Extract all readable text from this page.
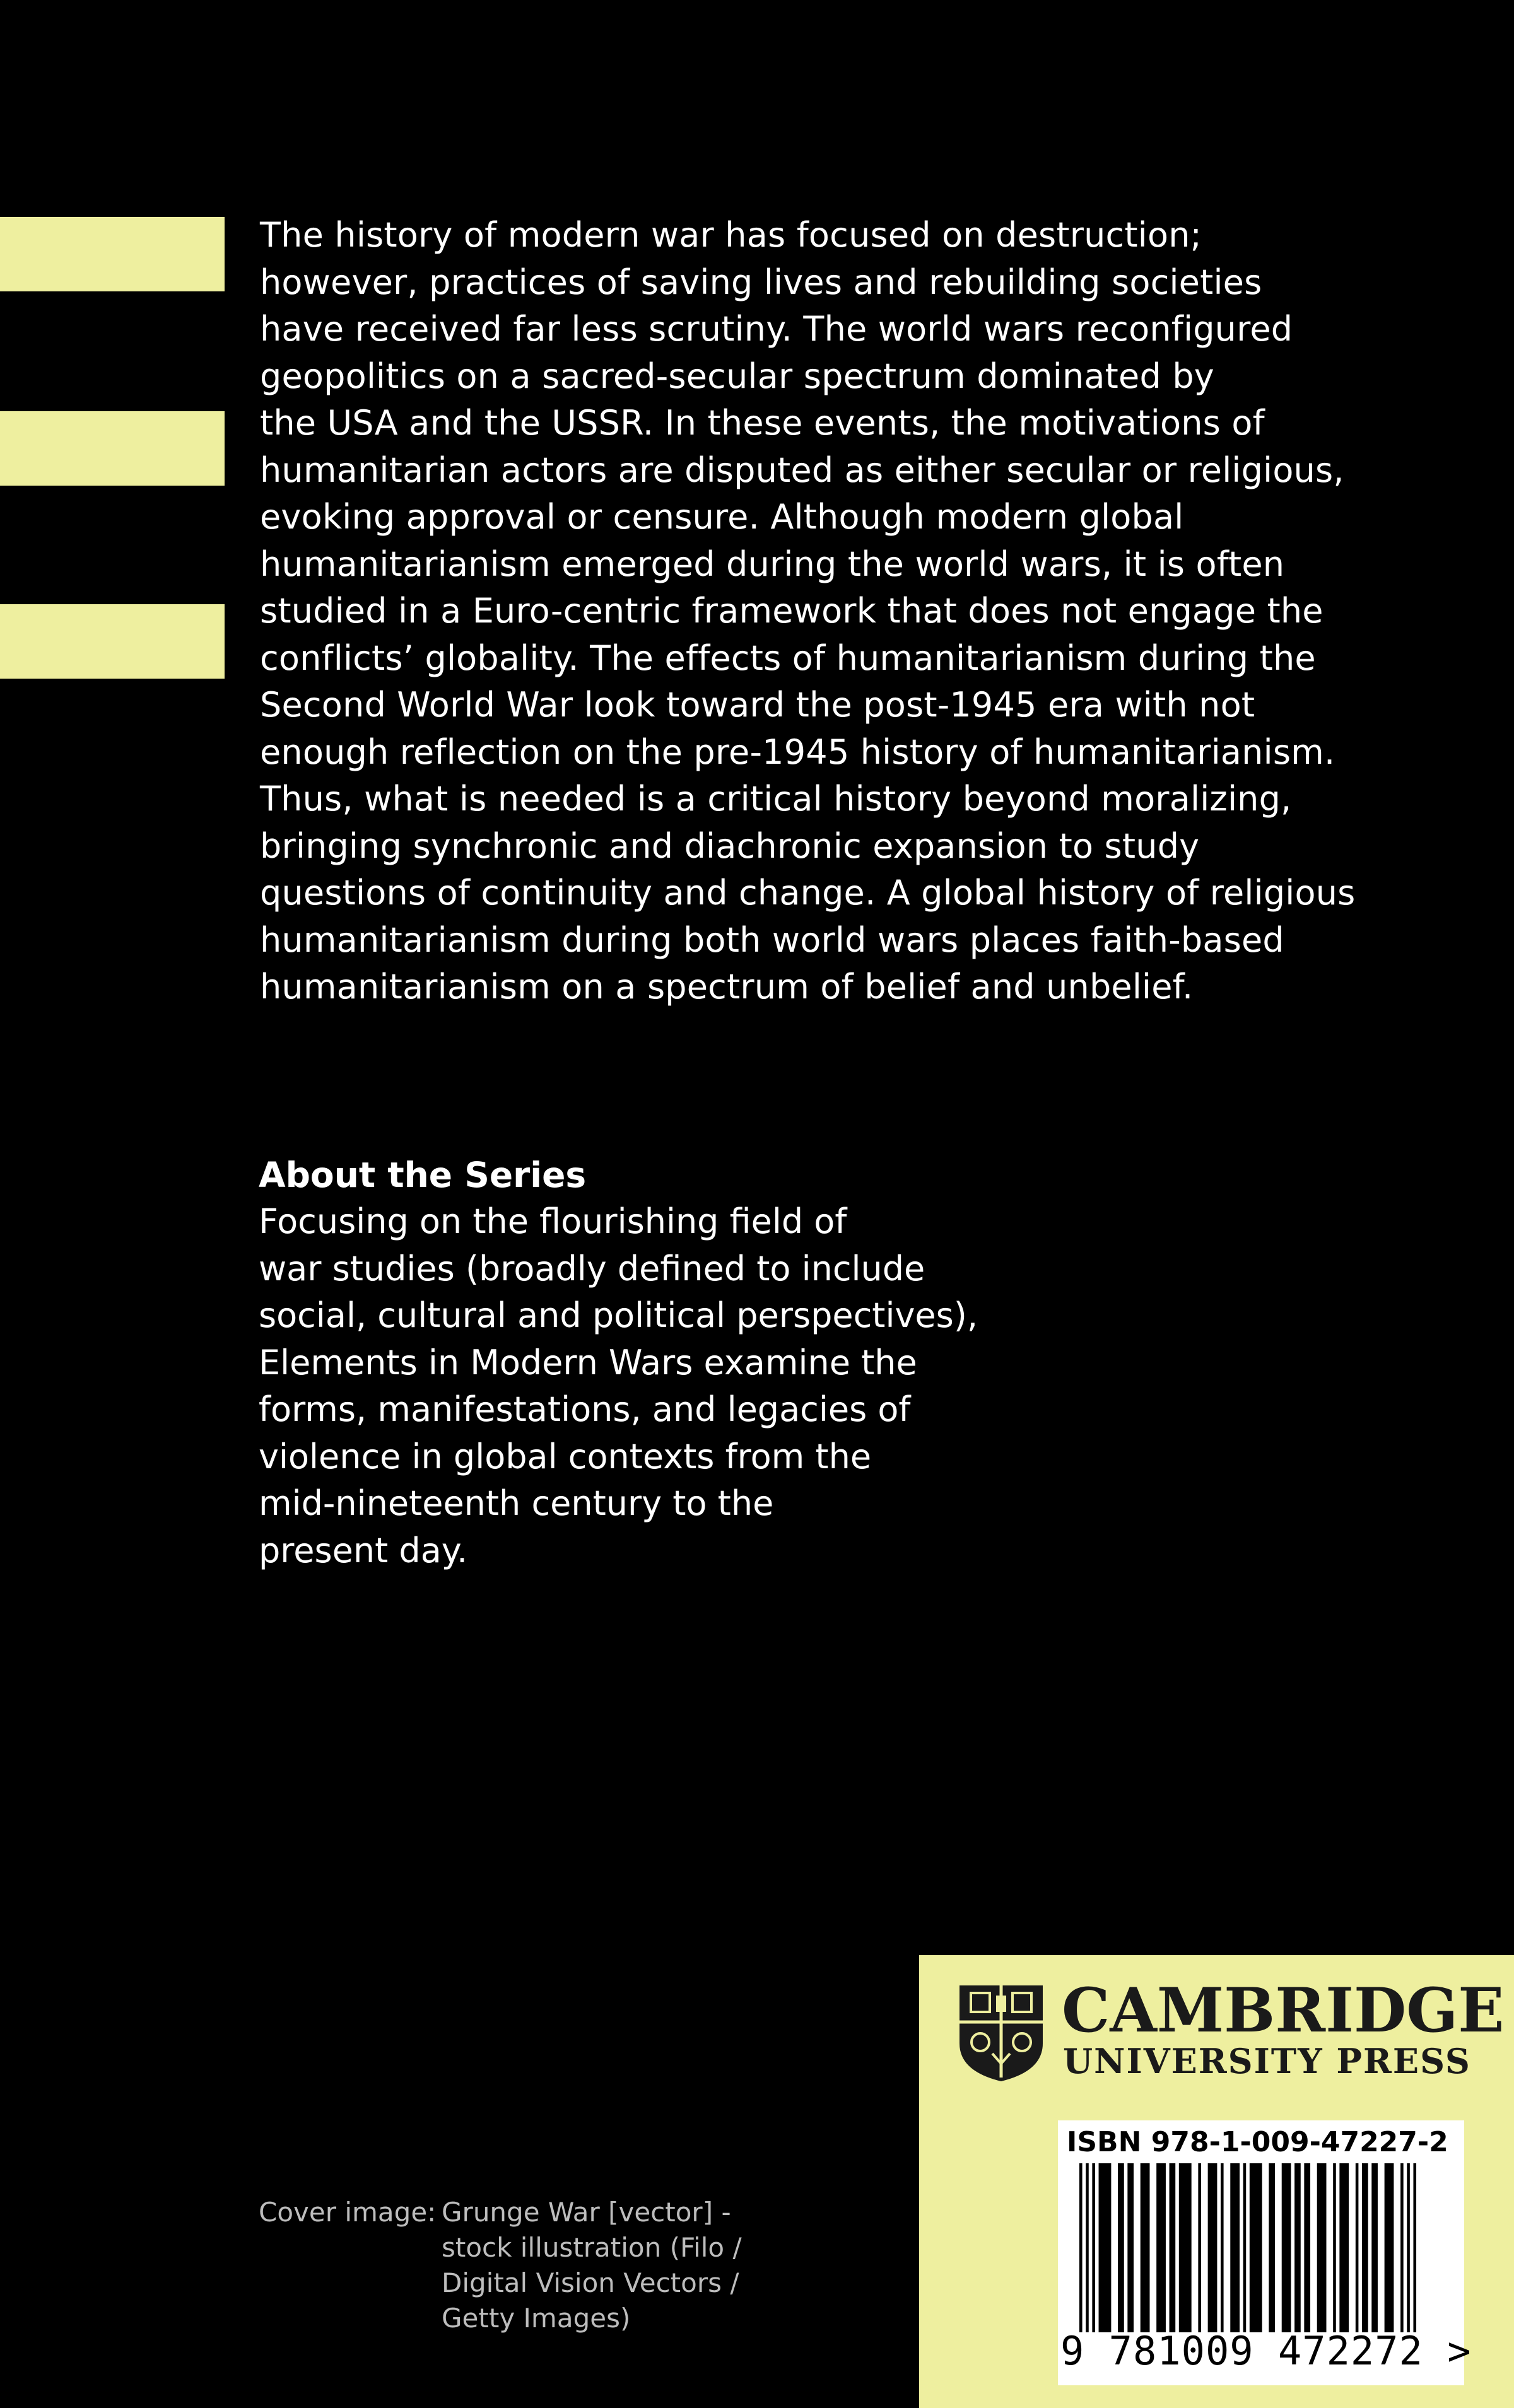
The history of modern war has focused on destruction;
however, practices of saving lives and rebuilding societies
have received far less scrutiny. The world wars reconfigured
geopolitics on a sacred-secular spectrum dominated by
the USA and the USSR. In these events, the motivations of
humanitarian actors are disputed as either secular or religious,
evoking approval or censure. Although modern global
humanitarianism emerged during the world wars, it is often
studied in a Euro-centric framework that does not engage the
conflicts’ globality. The effects of humanitarianism during the
Second World War look toward the post-1945 era with not
enough reflection on the pre-1945 history of humanitarianism.
Thus, what is needed is a critical history beyond moralizing,
bringing synchronic and diachronic expansion to study
questions of continuity and change. A global history of religious
humanitarianism during both world wars places faith-based
humanitarianism on a spectrum of belief and unbelief.
About the Series
Focusing on the flourishing field of
war studies (broadly defined to include
social, cultural and political perspectives),
Elements in Modern Wars examine the
forms, manifestations, and legacies of
violence in global contexts from the
mid-nineteenth century to the
present day.
Cover image: Grunge War [vector] -
stock illustration (Filo /
Digital Vision Vectors /
Getty Images)
CAMBRIDGE
UNIVERSITY PRESS
ISBN 978-1-009-47227-2
9 781009 472272 >
